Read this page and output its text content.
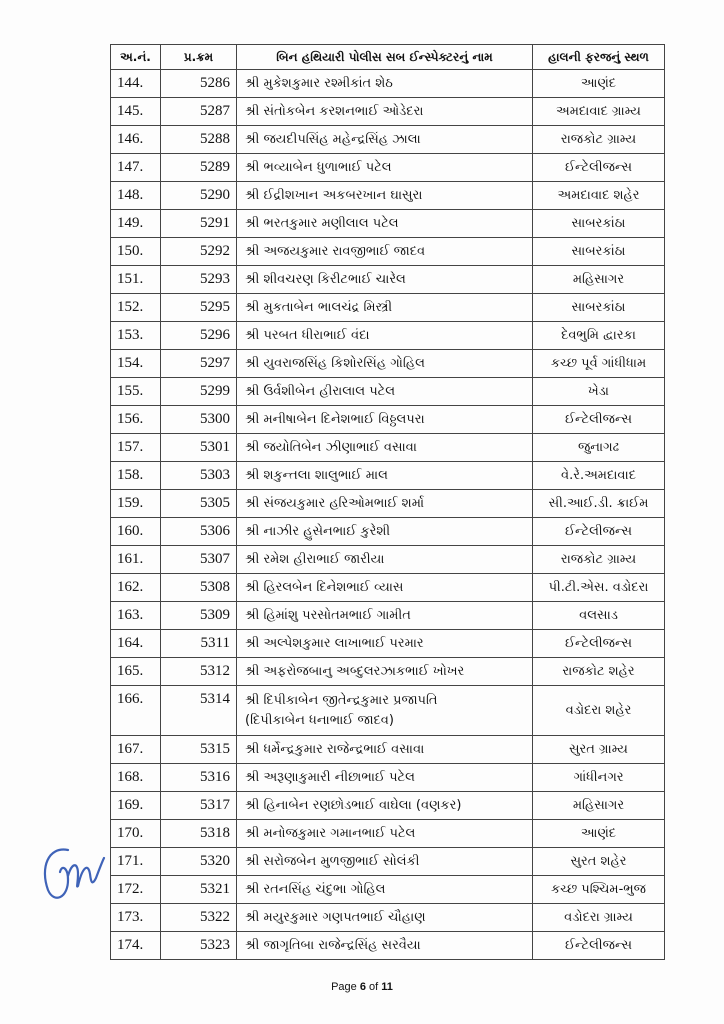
અ.નં.	પ્ર.ક્રમ	બિન હથિયારી પોલીસ સબ ઈન્સ્પેક્ટરનું નામ	હાલની ફરજનું સ્થળ
144.	5286	શ્રી મુકેશકુમાર રશ્મીકાંત શેઠ	આણંદ
145.	5287	શ્રી સંતોકબેન કરશનભાઈ ઓડેદરા	અમદાવાદ ગ્રામ્ય
146.	5288	શ્રી જયદીપસિંહ મહેન્દ્રસિંહ ઝાલા	રાજકોટ ગ્રામ્ય
147.	5289	શ્રી ભવ્યાબેન ધુળાભાઈ પટેલ	ઈન્ટેલીજન્સ
148.	5290	શ્રી ઈદ્રીશખાન અકબરખાન ઘાસુરા	અમદાવાદ શહેર
149.	5291	શ્રી ભરતકુમાર મણીલાલ પટેલ	સાબરકાંઠા
150.	5292	શ્રી અજયકુમાર રાવજીભાઈ જાદવ	સાબરકાંઠા
151.	5293	શ્રી શીવચરણ કિરીટભાઈ ચારેલ	મહિસાગર
152.	5295	શ્રી મુકતાબેન ભાલચંદ્ર મિસ્ત્રી	સાબરકાંઠા
153.	5296	શ્રી પરબત ધીરાભાઈ વંદા	દેવભુમિ દ્વારકા
154.	5297	શ્રી યુવરાજસિંહ કિશોરસિંહ ગોહિલ	કચ્છ પૂર્વ ગાંધીધામ
155.	5299	શ્રી ઉર્વશીબેન હીરાલાલ પટેલ	ખેડા
156.	5300	શ્રી મનીષાબેન દિનેશભાઈ વિઠ્ઠલપરા	ઈન્ટેલીજન્સ
157.	5301	શ્રી જયોતિબેન ઝીણાભાઈ વસાવા	જુનાગઢ
158.	5303	શ્રી શકુન્તલા શાલુભાઈ માલ	વે.રે.અમદાવાદ
159.	5305	શ્રી સંજયકુમાર હરિઓમભાઈ શર્મા	સી.આઈ.ડી. ક્રાઈમ
160.	5306	શ્રી નાઝીર હુસેનભાઈ કુરેશી	ઈન્ટેલીજન્સ
161.	5307	શ્રી રમેશ હીરાભાઈ જારીયા	રાજકોટ ગ્રામ્ય
162.	5308	શ્રી હિરલબેન દિનેશભાઈ વ્યાસ	પી.ટી.એસ. વડોદરા
163.	5309	શ્રી હિમાંશુ પરસોતમભાઈ ગામીત	વલસાડ
164.	5311	શ્રી અલ્પેશકુમાર લાખાભાઈ પરમાર	ઈન્ટેલીજન્સ
165.	5312	શ્રી અફરોજબાનુ અબ્દુલરઝાકભાઈ ખોખર	રાજકોટ શહેર
166.	5314	શ્રી દિપીકાબેન જીતેન્દ્રકુમાર પ્રજાપતિ
(દિપીકાબેન ધનાભાઈ જાદવ)	વડોદરા શહેર
167.	5315	શ્રી ધર્મેન્દ્રકુમાર રાજેન્દ્રભાઈ વસાવા	સુરત ગ્રામ્ય
168.	5316	શ્રી અરૂણાકુમારી નીછાભાઈ પટેલ	ગાંધીનગર
169.	5317	શ્રી હિનાબેન રણછોડભાઈ વાઘેલા (વણકર)	મહિસાગર
170.	5318	શ્રી મનોજકુમાર ગમાનભાઈ પટેલ	આણંદ
171.	5320	શ્રી સરોજબેન મુળજીભાઈ સોલંકી	સુરત શહેર
172.	5321	શ્રી રતનસિંહ ચંદુભા ગોહિલ	કચ્છ પશ્ચિમ-ભુજ
173.	5322	શ્રી મયુરકુમાર ગણપતભાઈ ચૌહાણ	વડોદરા ગ્રામ્ય
174.	5323	શ્રી જાગૃતિબા રાજેન્દ્રસિંહ સરવૈયા	ઈન્ટેલીજન્સ
Page 6 of 11
